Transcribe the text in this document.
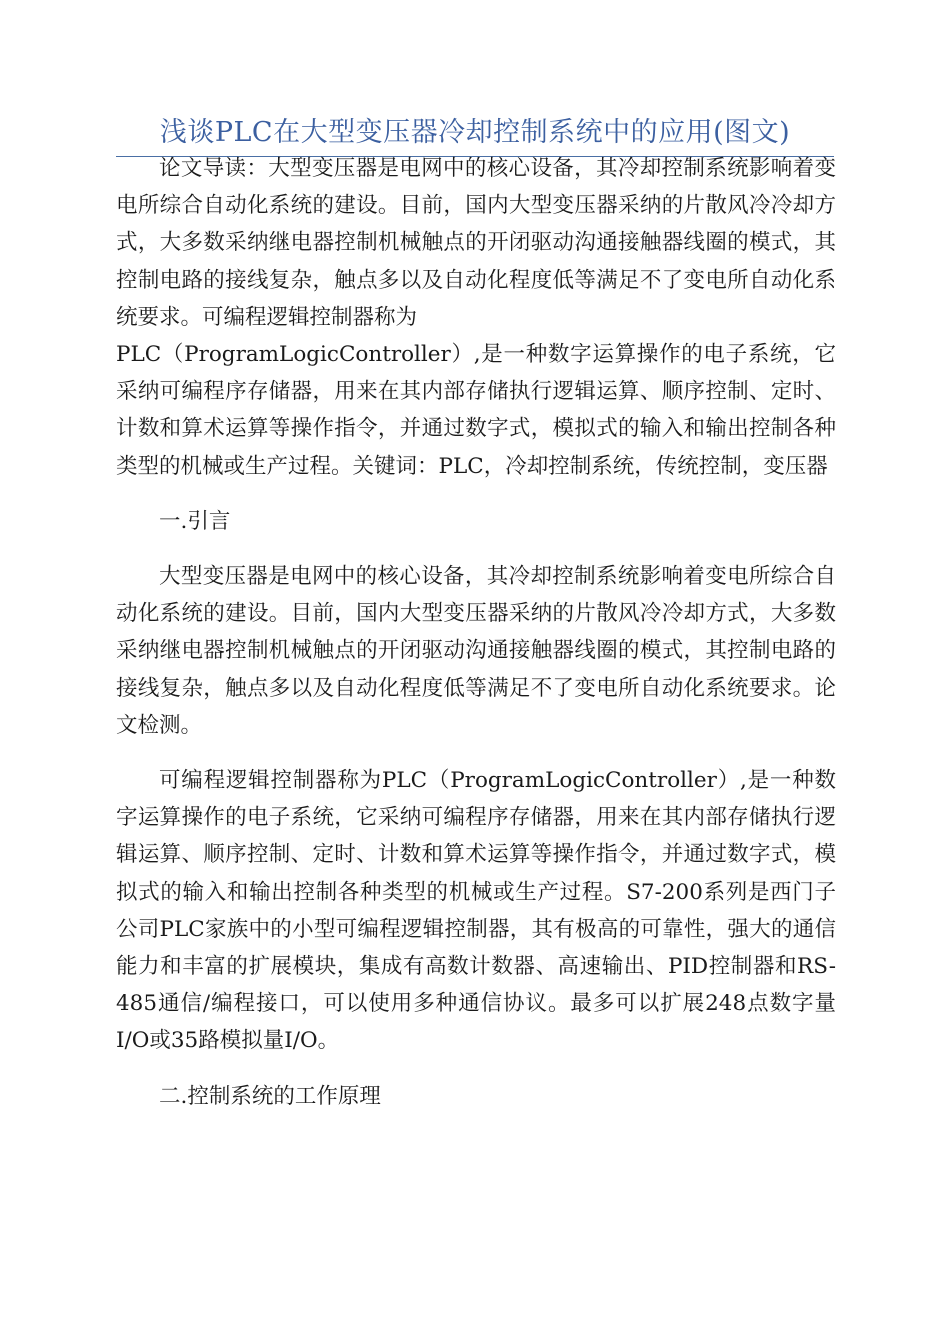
浅谈PLC在大型变压器冷却控制系统中的应用(图文)

论文导读：大型变压器是电网中的核心设备，其冷却控制系统影响着变电所综合自动化系统的建设。目前，国内大型变压器采纳的片散风冷冷却方式，大多数采纳继电器控制机械触点的开闭驱动沟通接触器线圈的模式，其控制电路的接线复杂，触点多以及自动化程度低等满足不了变电所自动化系统要求。可编程逻辑控制器称为
PLC（ProgramLogicController）,是一种数字运算操作的电子系统，它采纳可编程序存储器，用来在其内部存储执行逻辑运算、顺序控制、定时、计数和算术运算等操作指令，并通过数字式，模拟式的输入和输出控制各种类型的机械或生产过程。关键词：PLC，冷却控制系统，传统控制，变压器

一.引言

大型变压器是电网中的核心设备，其冷却控制系统影响着变电所综合自动化系统的建设。目前，国内大型变压器采纳的片散风冷冷却方式，大多数采纳继电器控制机械触点的开闭驱动沟通接触器线圈的模式，其控制电路的接线复杂，触点多以及自动化程度低等满足不了变电所自动化系统要求。论文检测。

可编程逻辑控制器称为PLC（ProgramLogicController）,是一种数字运算操作的电子系统，它采纳可编程序存储器，用来在其内部存储执行逻辑运算、顺序控制、定时、计数和算术运算等操作指令，并通过数字式，模拟式的输入和输出控制各种类型的机械或生产过程。S7-200系列是西门子公司PLC家族中的小型可编程逻辑控制器，其有极高的可靠性，强大的通信能力和丰富的扩展模块，集成有高数计数器、高速输出、PID控制器和RS-485通信/编程接口，可以使用多种通信协议。最多可以扩展248点数字量I/O或35路模拟量I/O。

二.控制系统的工作原理
